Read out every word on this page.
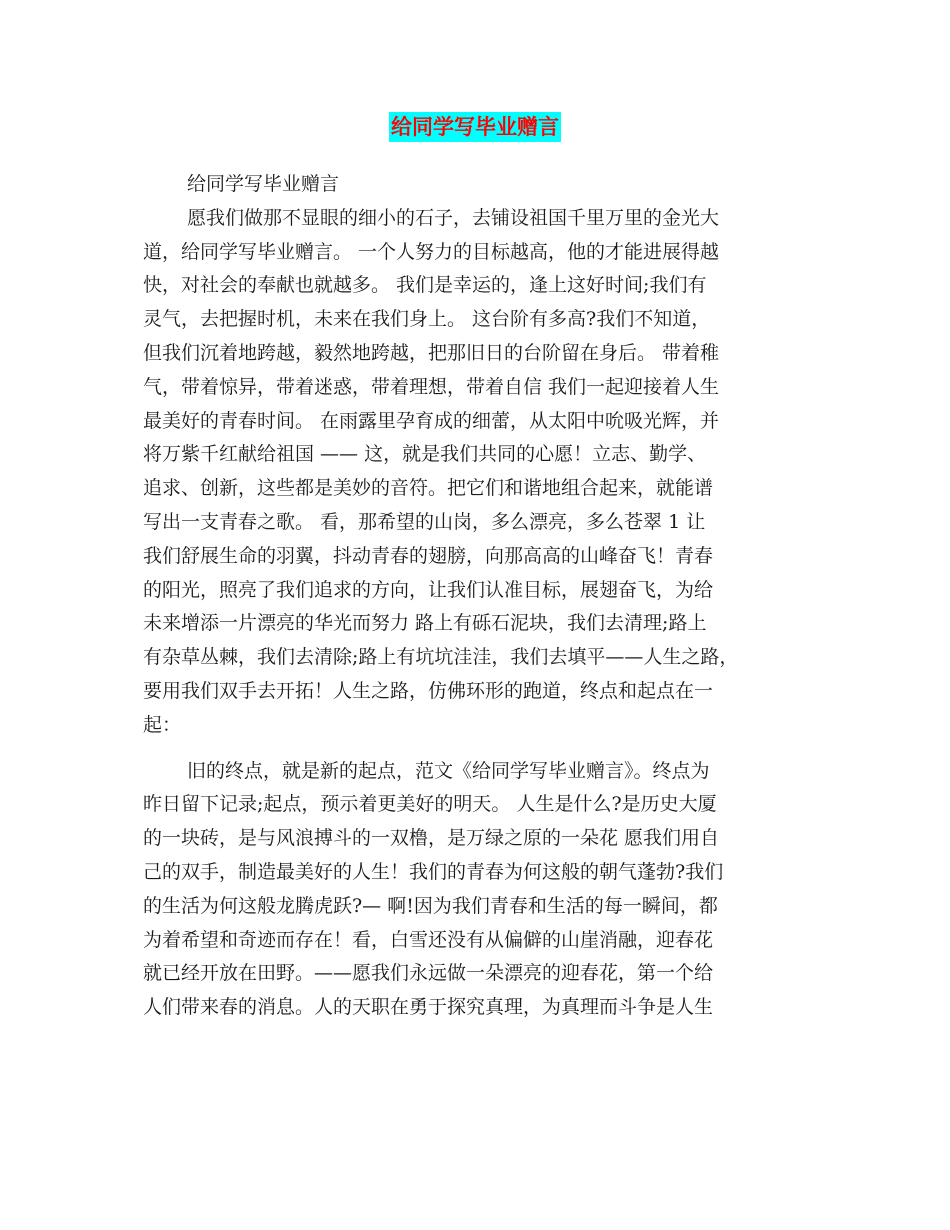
给同学写毕业赠言
给同学写毕业赠言
愿我们做那不显眼的细小的石子，去铺设祖国千里万里的金光大
道，给同学写毕业赠言。 一个人努力的目标越高，他的才能进展得越
快，对社会的奉献也就越多。 我们是幸运的，逢上这好时间;我们有
灵气，去把握时机，未来在我们身上。 这台阶有多高?我们不知道，
但我们沉着地跨越，毅然地跨越，把那旧日的台阶留在身后。 带着稚
气，带着惊异，带着迷惑，带着理想，带着自信 我们一起迎接着人生
最美好的青春时间。 在雨露里孕育成的细蕾，从太阳中吮吸光辉，并
将万紫千红献给祖国 —— 这，就是我们共同的心愿！立志、勤学、
追求、创新，这些都是美妙的音符。把它们和谐地组合起来，就能谱
写出一支青春之歌。 看，那希望的山岗，多么漂亮，多么苍翠 1 让
我们舒展生命的羽翼，抖动青春的翅膀，向那高高的山峰奋飞！青春
的阳光，照亮了我们追求的方向，让我们认准目标，展翅奋飞，为给
未来增添一片漂亮的华光而努力 路上有砾石泥块，我们去清理;路上
有杂草丛棘，我们去清除;路上有坑坑洼洼，我们去填平——人生之路，
要用我们双手去开拓！人生之路，仿佛环形的跑道，终点和起点在一
起：
旧的终点，就是新的起点，范文《给同学写毕业赠言》。终点为
昨日留下记录;起点，预示着更美好的明天。 人生是什么?是历史大厦
的一块砖，是与风浪搏斗的一双橹，是万绿之原的一朵花 愿我们用自
己的双手，制造最美好的人生！我们的青春为何这般的朝气蓬勃?我们
的生活为何这般龙腾虎跃?— 啊!因为我们青春和生活的每一瞬间，都
为着希望和奇迹而存在！看，白雪还没有从偏僻的山崖消融，迎春花
就已经开放在田野。——愿我们永远做一朵漂亮的迎春花，第一个给
人们带来春的消息。人的天职在勇于探究真理，为真理而斗争是人生
